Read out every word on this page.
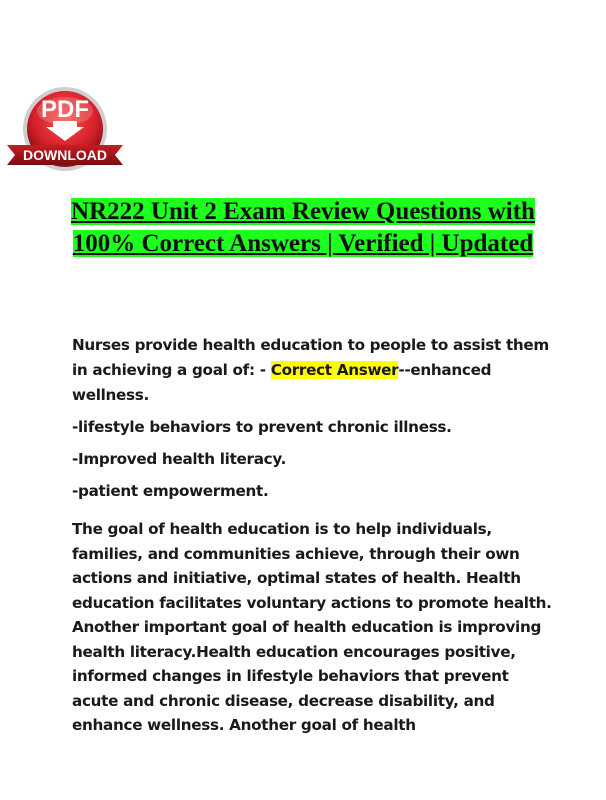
PDF
DOWNLOAD
NR222 Unit 2 Exam Review Questions with 100% Correct Answers | Verified | Updated

Nurses provide health education to people to assist them in achieving a goal of: - Correct Answer--enhanced wellness.

-lifestyle behaviors to prevent chronic illness.

-Improved health literacy.

-patient empowerment.

The goal of health education is to help individuals, families, and communities achieve, through their own actions and initiative, optimal states of health. Health education facilitates voluntary actions to promote health. Another important goal of health education is improving health literacy.Health education encourages positive, informed changes in lifestyle behaviors that prevent acute and chronic disease, decrease disability, and enhance wellness. Another goal of health
